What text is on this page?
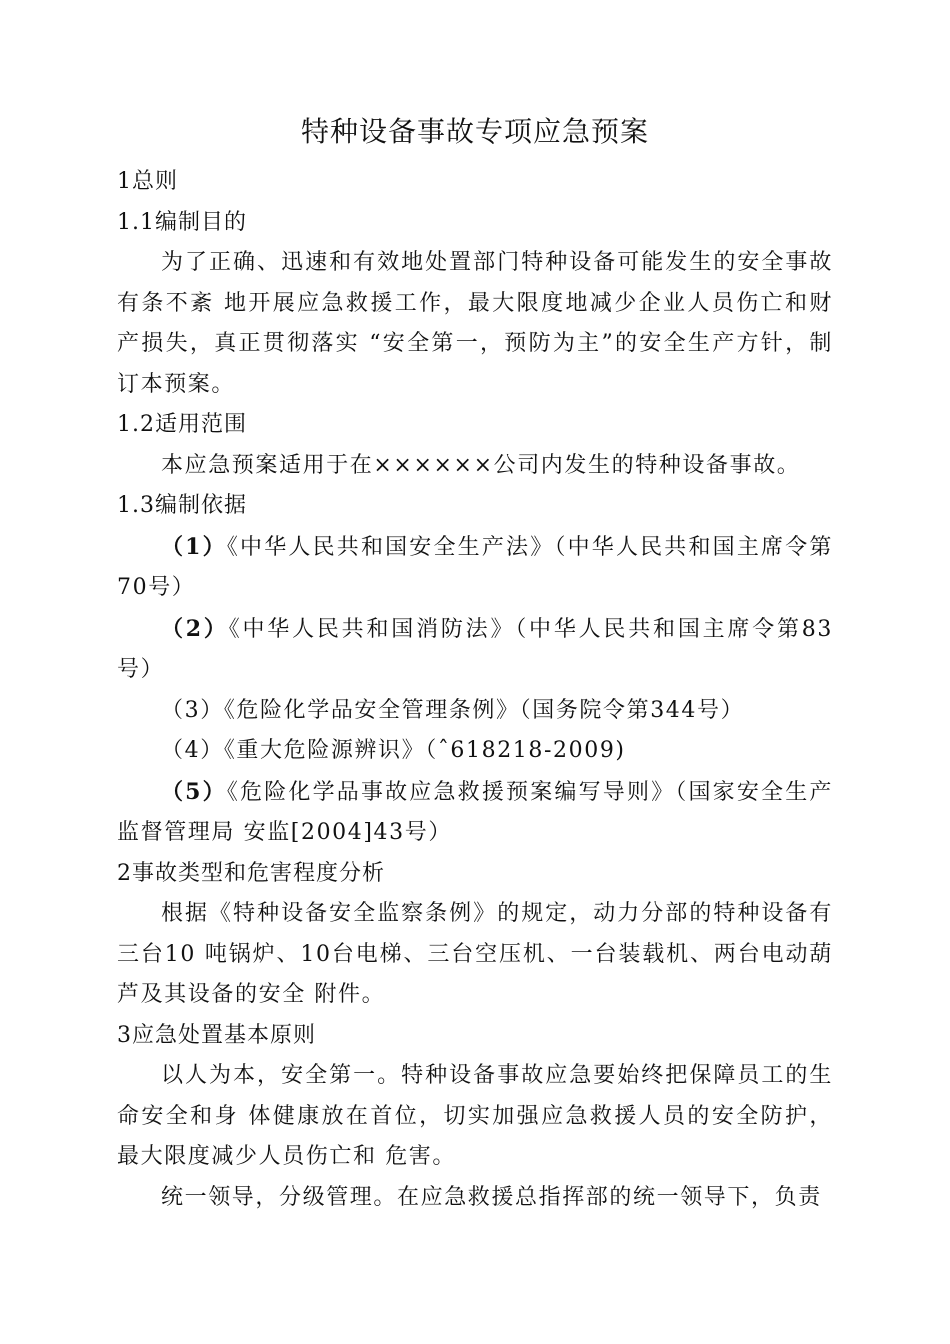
特种设备事故专项应急预案

1总则

1.1编制目的

为了正确、迅速和有效地处置部门特种设备可能发生的安全事故有条不紊 地开展应急救援工作，最大限度地减少企业人员伤亡和财产损失，真正贯彻落实 “安全第一，预防为主”的安全生产方针，制订本预案。

1.2适用范围

本应急预案适用于在××××××公司内发生的特种设备事故。

1.3编制依据

（1）《中华人民共和国安全生产法》（中华人民共和国主席令第70号）

（2）《中华人民共和国消防法》（中华人民共和国主席令第83号）

（3）《危险化学品安全管理条例》（国务院令第344号）

（4）《重大危险源辨识》（ˆ618218-2009)

（5）《危险化学品事故应急救援预案编写导则》（国家安全生产监督管理局 安监[2004]43号）

2事故类型和危害程度分析

根据《特种设备安全监察条例》的规定，动力分部的特种设备有三台10 吨锅炉、10台电梯、三台空压机、一台装载机、两台电动葫芦及其设备的安全 附件。

3应急处置基本原则

以人为本，安全第一。特种设备事故应急要始终把保障员工的生命安全和身 体健康放在首位，切实加强应急救援人员的安全防护，最大限度减少人员伤亡和 危害。

统一领导，分级管理。在应急救援总指挥部的统一领导下，负责
